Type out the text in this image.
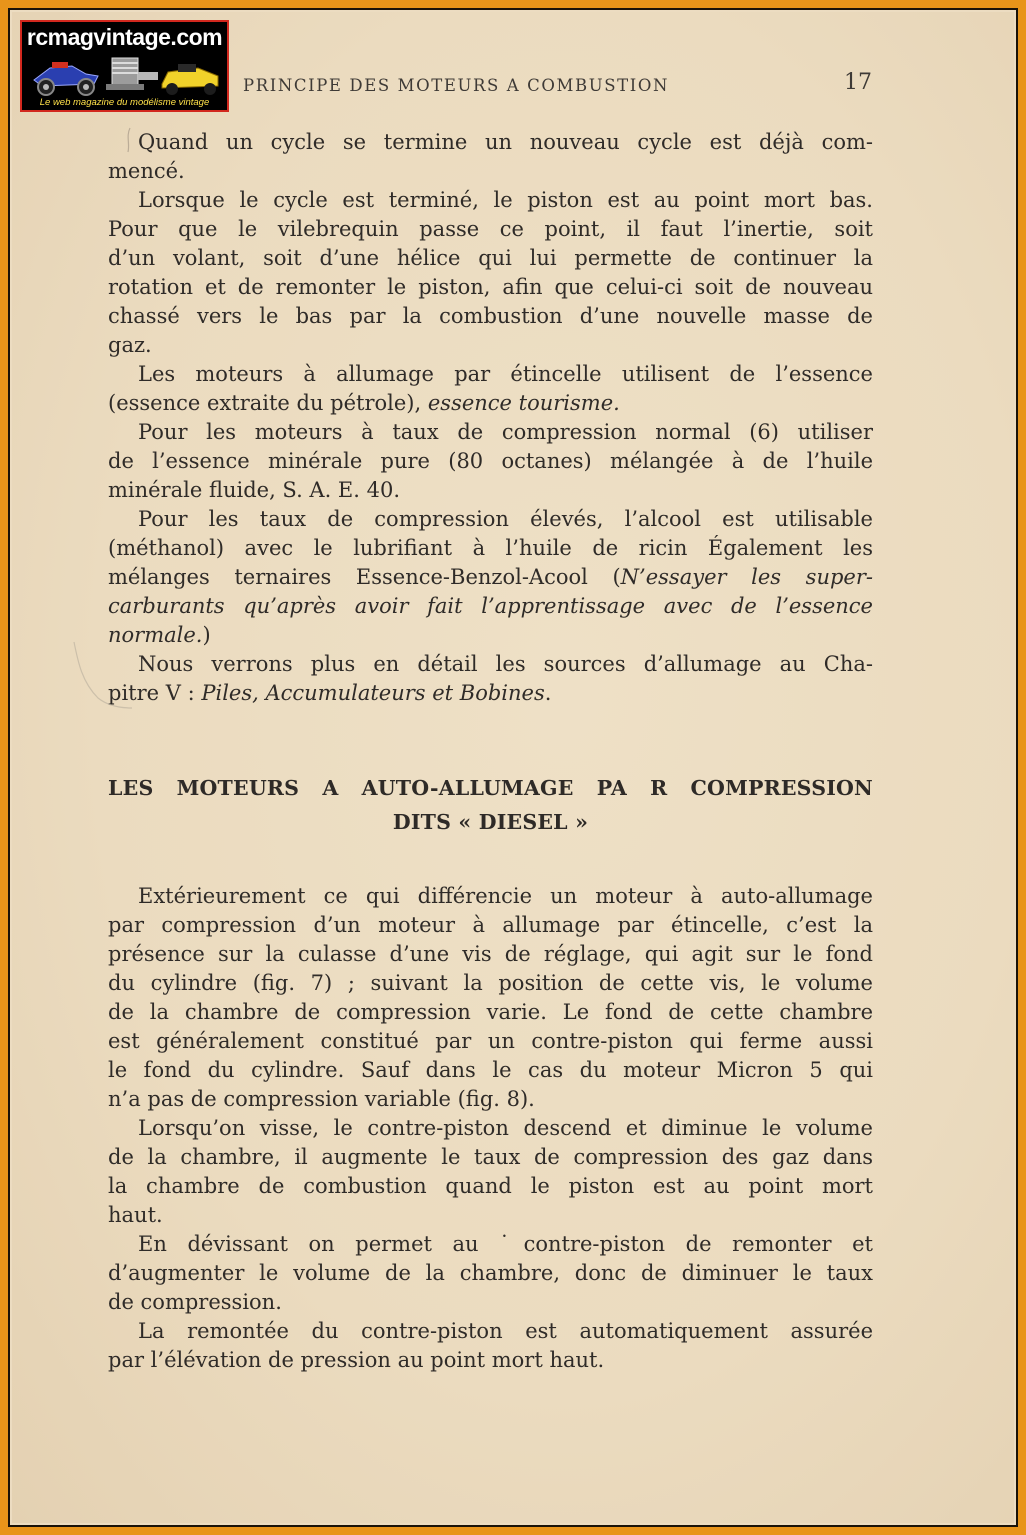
rcmagvintage.com
Le web magazine du modélisme vintage
PRINCIPE DES MOTEURS A COMBUSTION	17
Quand un cycle se termine un nouveau cycle est déjà com-
mencé.
Lorsque le cycle est terminé, le piston est au point mort bas.
Pour que le vilebrequin passe ce point, il faut l’inertie, soit
d’un volant, soit d’une hélice qui lui permette de continuer la
rotation et de remonter le piston, afin que celui-ci soit de nouveau
chassé vers le bas par la combustion d’une nouvelle masse de
gaz.
Les moteurs à allumage par étincelle utilisent de l’essence
(essence extraite du pétrole), essence tourisme.
Pour les moteurs à taux de compression normal (6) utiliser
de l’essence minérale pure (80 octanes) mélangée à de l’huile
minérale fluide, S. A. E. 40.
Pour les taux de compression élevés, l’alcool est utilisable
(méthanol) avec le lubrifiant à l’huile de ricin Également les
mélanges ternaires Essence-Benzol-Acool (N’essayer les super-
carburants qu’après avoir fait l’apprentissage avec de l’essence
normale.)
Nous verrons plus en détail les sources d’allumage au Cha-
pitre V : Piles, Accumulateurs et Bobines.
LES MOTEURS A AUTO-ALLUMAGE PA R COMPRESSION
DITS « DIESEL »
Extérieurement ce qui différencie un moteur à auto-allumage
par compression d’un moteur à allumage par étincelle, c’est la
présence sur la culasse d’une vis de réglage, qui agit sur le fond
du cylindre (fig. 7) ; suivant la position de cette vis, le volume
de la chambre de compression varie. Le fond de cette chambre
est généralement constitué par un contre-piston qui ferme aussi
le fond du cylindre. Sauf dans le cas du moteur Micron 5 qui
n’a pas de compression variable (fig. 8).
Lorsqu’on visse, le contre-piston descend et diminue le volume
de la chambre, il augmente le taux de compression des gaz dans
la chambre de combustion quand le piston est au point mort
haut.
En dévissant on permet au ˙contre-piston de remonter et
d’augmenter le volume de la chambre, donc de diminuer le taux
de compression.
La remontée du contre-piston est automatiquement assurée
par l’élévation de pression au point mort haut.
